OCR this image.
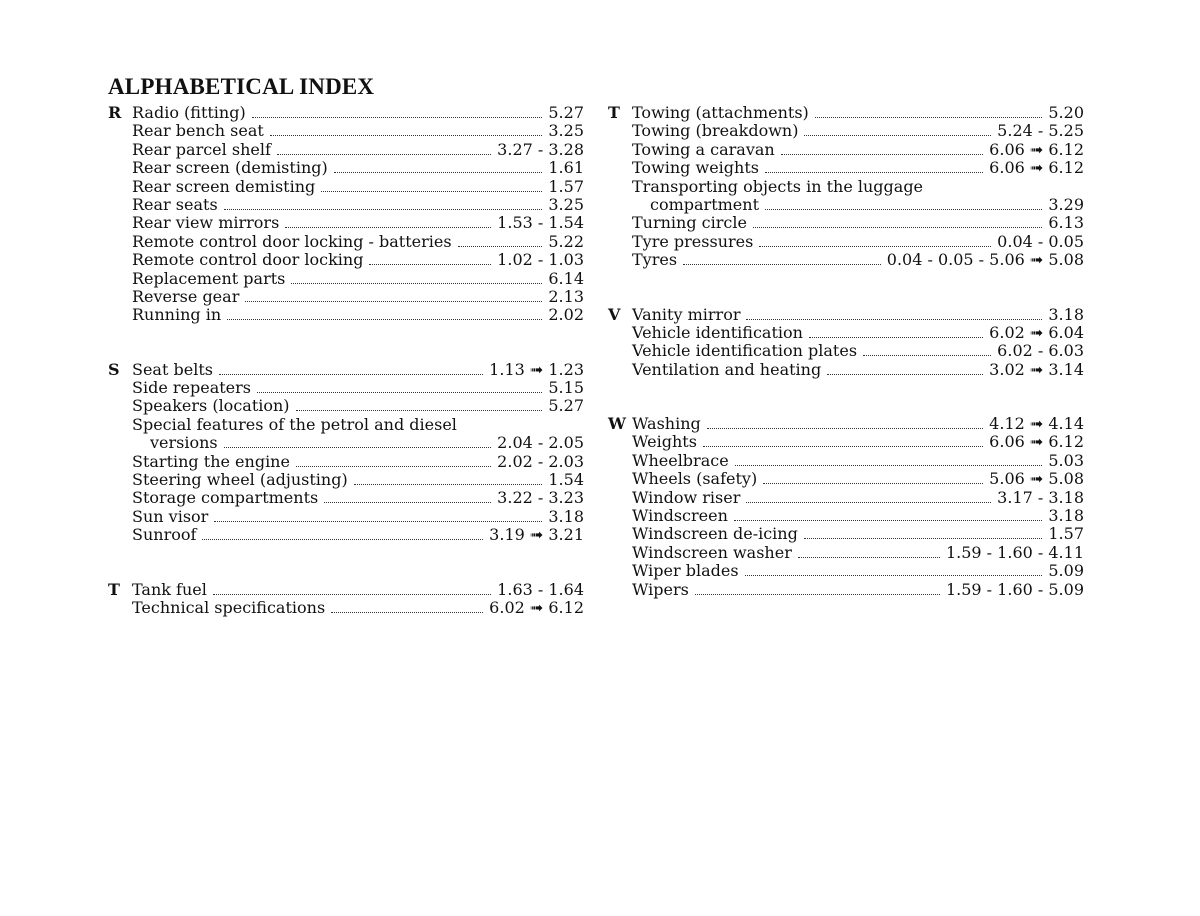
ALPHABETICAL INDEX
R Radio (fitting)	5.27
Rear bench seat	3.25
Rear parcel shelf	3.27 - 3.28
Rear screen (demisting)	1.61
Rear screen demisting	1.57
Rear seats	3.25
Rear view mirrors	1.53 - 1.54
Remote control door locking - batteries	5.22
Remote control door locking	1.02 - 1.03
Replacement parts	6.14
Reverse gear	2.13
Running in	2.02
S Seat belts	1.13 ➟ 1.23
Side repeaters	5.15
Speakers (location)	5.27
Special features of the petrol and diesel
versions	2.04 - 2.05
Starting the engine	2.02 - 2.03
Steering wheel (adjusting)	1.54
Storage compartments	3.22 - 3.23
Sun visor	3.18
Sunroof	3.19 ➟ 3.21
T Tank fuel	1.63 - 1.64
Technical specifications	6.02 ➟ 6.12
T Towing (attachments)	5.20
Towing (breakdown)	5.24 - 5.25
Towing a caravan	6.06 ➟ 6.12
Towing weights	6.06 ➟ 6.12
Transporting objects in the luggage
compartment	3.29
Turning circle	6.13
Tyre pressures	0.04 - 0.05
Tyres	0.04 - 0.05 - 5.06 ➟ 5.08
V Vanity mirror	3.18
Vehicle identification	6.02 ➟ 6.04
Vehicle identification plates	6.02 - 6.03
Ventilation and heating	3.02 ➟ 3.14
W Washing	4.12 ➟ 4.14
Weights	6.06 ➟ 6.12
Wheelbrace	5.03
Wheels (safety)	5.06 ➟ 5.08
Window riser	3.17 - 3.18
Windscreen	3.18
Windscreen de-icing	1.57
Windscreen washer	1.59 - 1.60 - 4.11
Wiper blades	5.09
Wipers	1.59 - 1.60 - 5.09
